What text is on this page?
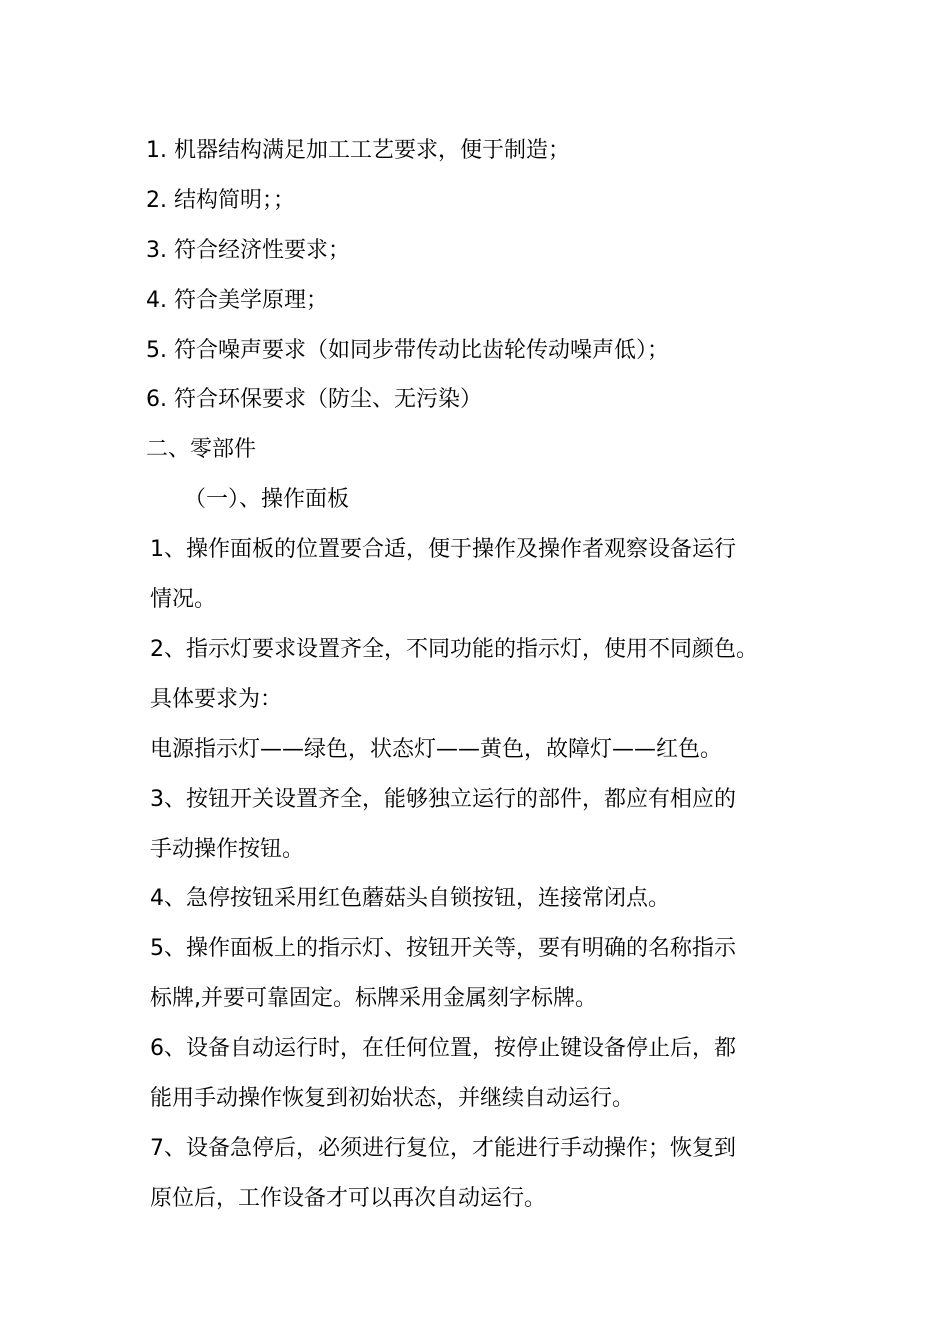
1. 机器结构满足加工工艺要求，便于制造；
2. 结构简明；；
3. 符合经济性要求；
4. 符合美学原理；
5. 符合噪声要求（如同步带传动比齿轮传动噪声低）；
6. 符合环保要求（防尘、无污染）
二、零部件
（一）、操作面板
1、操作面板的位置要合适，便于操作及操作者观察设备运行
情况。
2、指示灯要求设置齐全，不同功能的指示灯，使用不同颜色。
具体要求为：
电源指示灯——绿色，状态灯——黄色，故障灯——红色。
3、按钮开关设置齐全，能够独立运行的部件，都应有相应的
手动操作按钮。
4、急停按钮采用红色蘑菇头自锁按钮，连接常闭点。
5、操作面板上的指示灯、按钮开关等，要有明确的名称指示
标牌,并要可靠固定。标牌采用金属刻字标牌。
6、设备自动运行时，在任何位置，按停止键设备停止后，都
能用手动操作恢复到初始状态，并继续自动运行。
7、设备急停后，必须进行复位，才能进行手动操作；恢复到
原位后，工作设备才可以再次自动运行。
